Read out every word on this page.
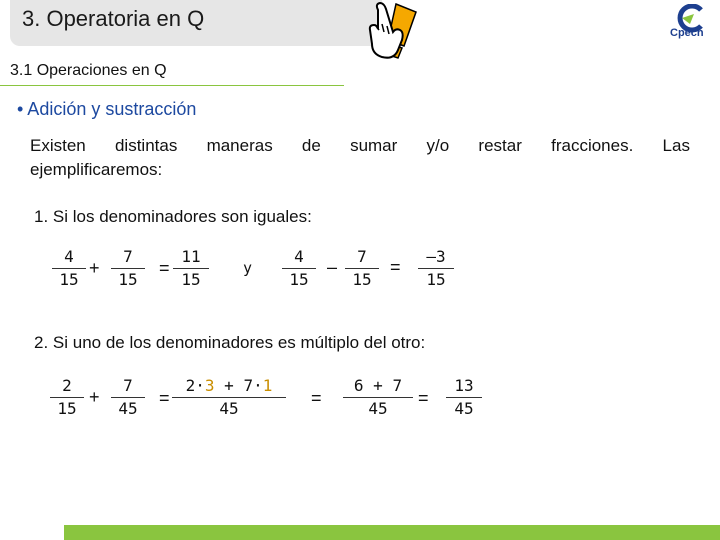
3. Operatoria en Q
Cpech
3.1 Operaciones en Q
• Adición y sustracción
Existen distintas maneras de sumar y/o restar fracciones. Las
ejemplificaremos:
1. Si los denominadores son iguales:
4
15
+
7
15
=
11
15
y
4
15
–
7
15
=
–3
15
2. Si uno de los denominadores es múltiplo del otro:
2
15
+
7
45
=
2·3 + 7·1
45
=
6 + 7
45
=
13
45
